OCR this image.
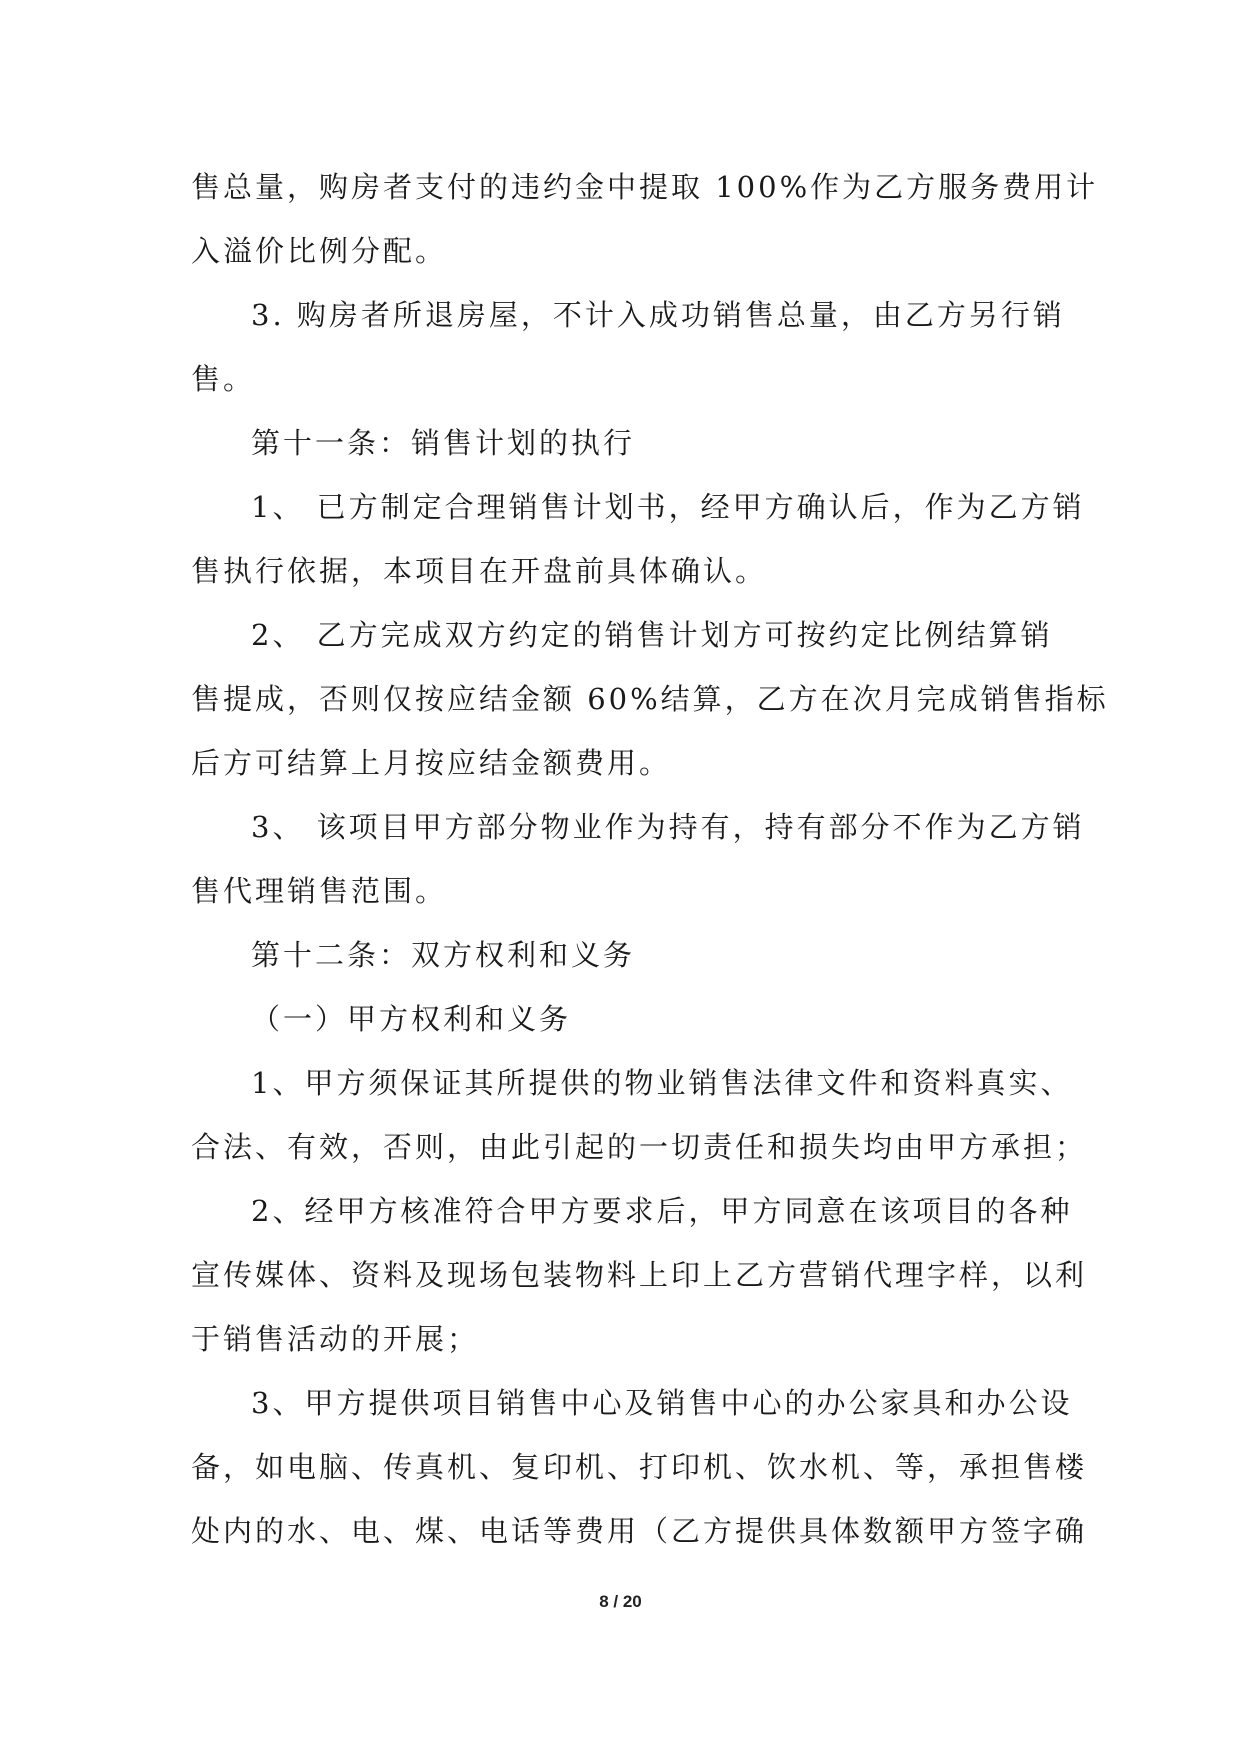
售总量，购房者支付的违约金中提取 100%作为乙方服务费用计
入溢价比例分配。
3. 购房者所退房屋，不计入成功销售总量，由乙方另行销
售。
第十一条：销售计划的执行
1、 已方制定合理销售计划书，经甲方确认后，作为乙方销
售执行依据，本项目在开盘前具体确认。
2、 乙方完成双方约定的销售计划方可按约定比例结算销
售提成，否则仅按应结金额 60%结算，乙方在次月完成销售指标
后方可结算上月按应结金额费用。
3、 该项目甲方部分物业作为持有，持有部分不作为乙方销
售代理销售范围。
第十二条：双方权利和义务
（一）甲方权利和义务
1、甲方须保证其所提供的物业销售法律文件和资料真实、
合法、有效，否则，由此引起的一切责任和损失均由甲方承担；
2、经甲方核准符合甲方要求后，甲方同意在该项目的各种
宣传媒体、资料及现场包装物料上印上乙方营销代理字样，以利
于销售活动的开展；
3、甲方提供项目销售中心及销售中心的办公家具和办公设
备，如电脑、传真机、复印机、打印机、饮水机、等，承担售楼
处内的水、电、煤、电话等费用（乙方提供具体数额甲方签字确
8 / 20
